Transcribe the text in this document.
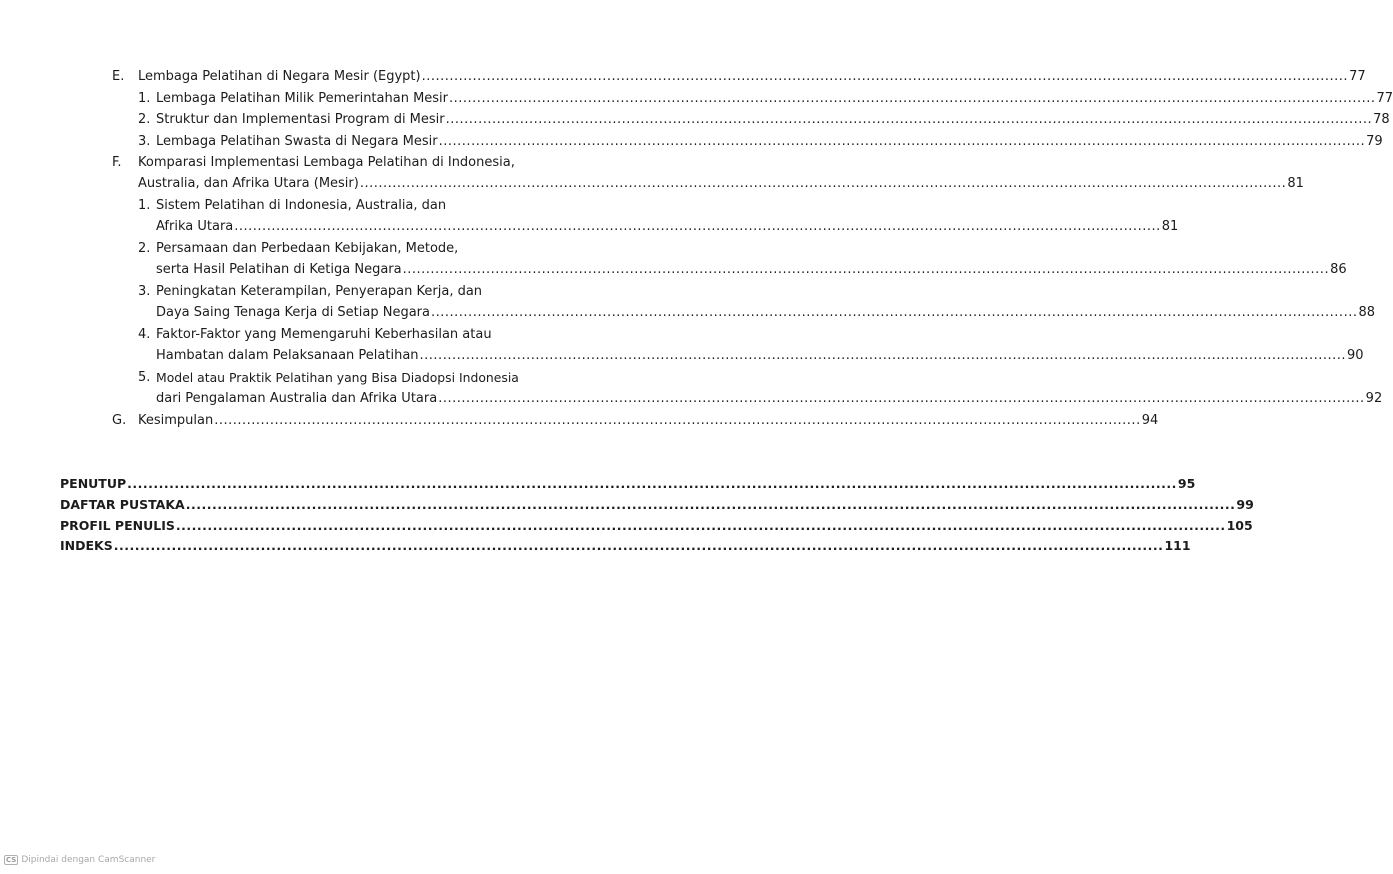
E. Lembaga Pelatihan di Negara Mesir (Egypt) ........................................................................................................................................................................................................ 77
1. Lembaga Pelatihan Milik Pemerintahan Mesir ........................................................................................................................................................................................................ 77
2. Struktur dan Implementasi Program di Mesir ........................................................................................................................................................................................................ 78
3. Lembaga Pelatihan Swasta di Negara Mesir ........................................................................................................................................................................................................ 79
F. Komparasi Implementasi Lembaga Pelatihan di Indonesia,
Australia, dan Afrika Utara (Mesir) ........................................................................................................................................................................................................ 81
1. Sistem Pelatihan di Indonesia, Australia, dan
Afrika Utara ........................................................................................................................................................................................................ 81
2. Persamaan dan Perbedaan Kebijakan, Metode,
serta Hasil Pelatihan di Ketiga Negara ........................................................................................................................................................................................................ 86
3. Peningkatan Keterampilan, Penyerapan Kerja, dan
Daya Saing Tenaga Kerja di Setiap Negara ........................................................................................................................................................................................................ 88
4. Faktor-Faktor yang Memengaruhi Keberhasilan atau
Hambatan dalam Pelaksanaan Pelatihan ........................................................................................................................................................................................................ 90
5. Model atau Praktik Pelatihan yang Bisa Diadopsi Indonesia
dari Pengalaman Australia dan Afrika Utara ........................................................................................................................................................................................................ 92
G. Kesimpulan ........................................................................................................................................................................................................ 94
PENUTUP ........................................................................................................................................................................................................ 95
DAFTAR PUSTAKA ........................................................................................................................................................................................................ 99
PROFIL PENULIS ........................................................................................................................................................................................................ 105
INDEKS ........................................................................................................................................................................................................ 111
CS Dipindai dengan CamScanner
